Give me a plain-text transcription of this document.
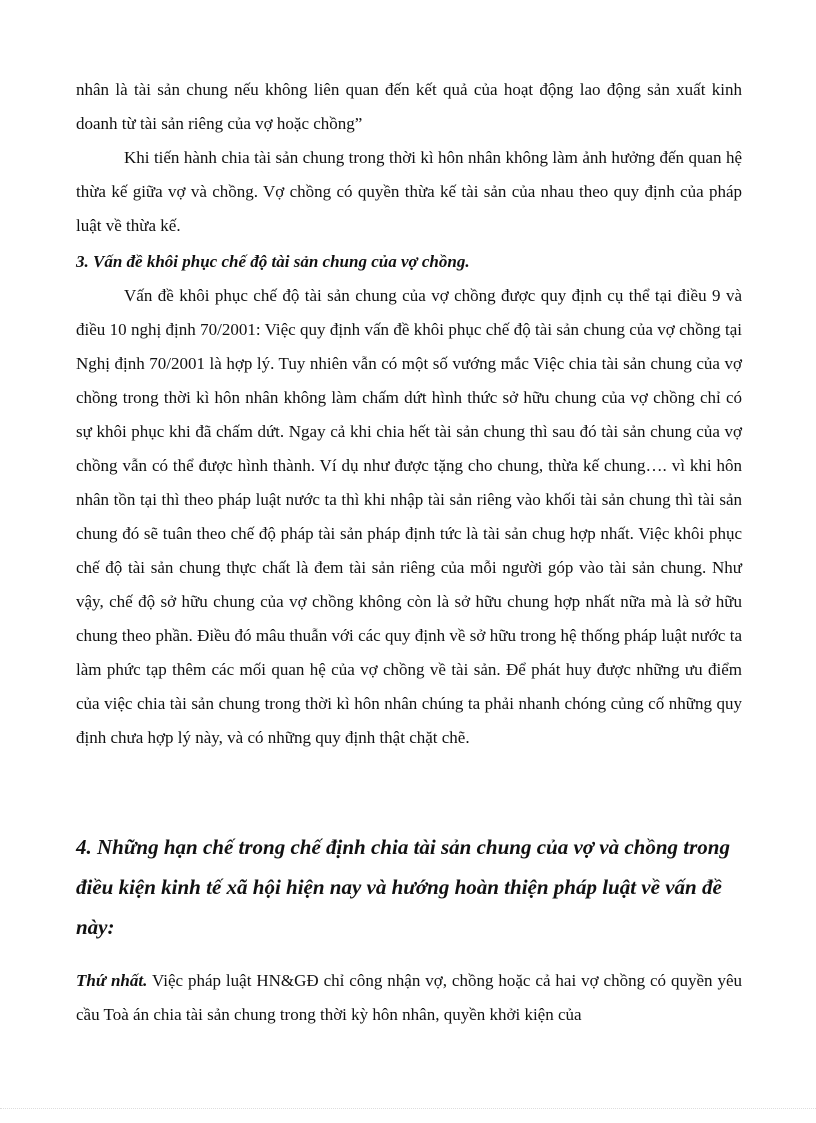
nhân là tài sản chung nếu không liên quan đến kết quả của hoạt động lao động sản xuất kinh doanh từ tài sản riêng của vợ hoặc chồng”
Khi tiến hành chia tài sản chung trong thời kì hôn nhân không làm ảnh hưởng đến quan hệ thừa kế giữa vợ và chồng. Vợ chồng có quyền thừa kế tài sản của nhau theo quy định của pháp luật về thừa kế.
3. Vấn đề khôi phục chế độ tài sản chung của vợ chồng.
Vấn đề khôi phục chế độ tài sản chung của vợ chồng được quy định cụ thể tại điều 9 và điều 10 nghị định 70/2001: Việc quy định vấn đề khôi phục chế độ tài sản chung của vợ chồng tại Nghị định 70/2001 là hợp lý. Tuy nhiên vẫn có một số vướng mắc Việc chia tài sản chung của vợ chồng trong thời kì hôn nhân không làm chấm dứt hình thức sở hữu chung của vợ chồng chỉ có sự khôi phục khi đã chấm dứt. Ngay cả khi chia hết tài sản chung thì sau đó tài sản chung của vợ chồng vẫn có thể được hình thành. Ví dụ như được tặng cho chung, thừa kế chung…. vì khi hôn nhân tồn tại thì theo pháp luật nước ta thì khi nhập tài sản riêng vào khối tài sản chung thì tài sản chung đó sẽ tuân theo chế độ pháp tài sản pháp định tức là tài sản chug hợp nhất. Việc khôi phục chế độ tài sản chung thực chất là đem tài sản riêng của mỗi người góp vào tài sản chung. Như vậy, chế độ sở hữu chung của vợ chồng không còn là sở hữu chung hợp nhất nữa mà là sở hữu chung theo phần. Điều đó mâu thuẫn với các quy định về sở hữu trong hệ thống pháp luật nước ta làm phức tạp thêm các mối quan hệ của vợ chồng về tài sản. Để phát huy được những ưu điểm của việc chia tài sản chung trong thời kì hôn nhân chúng ta phải nhanh chóng củng cố những quy định chưa hợp lý này, và có những quy định thật chặt chẽ.
4. Những hạn chế trong chế định chia tài sản chung của vợ và chồng trong điều kiện kinh tế xã hội hiện nay và hướng hoàn thiện pháp luật về vấn đề này:
Thứ nhất. Việc pháp luật HN&GĐ chỉ công nhận vợ, chồng hoặc cả hai vợ chồng có quyền yêu cầu Toà án chia tài sản chung trong thời kỳ hôn nhân, quyền khởi kiện của
